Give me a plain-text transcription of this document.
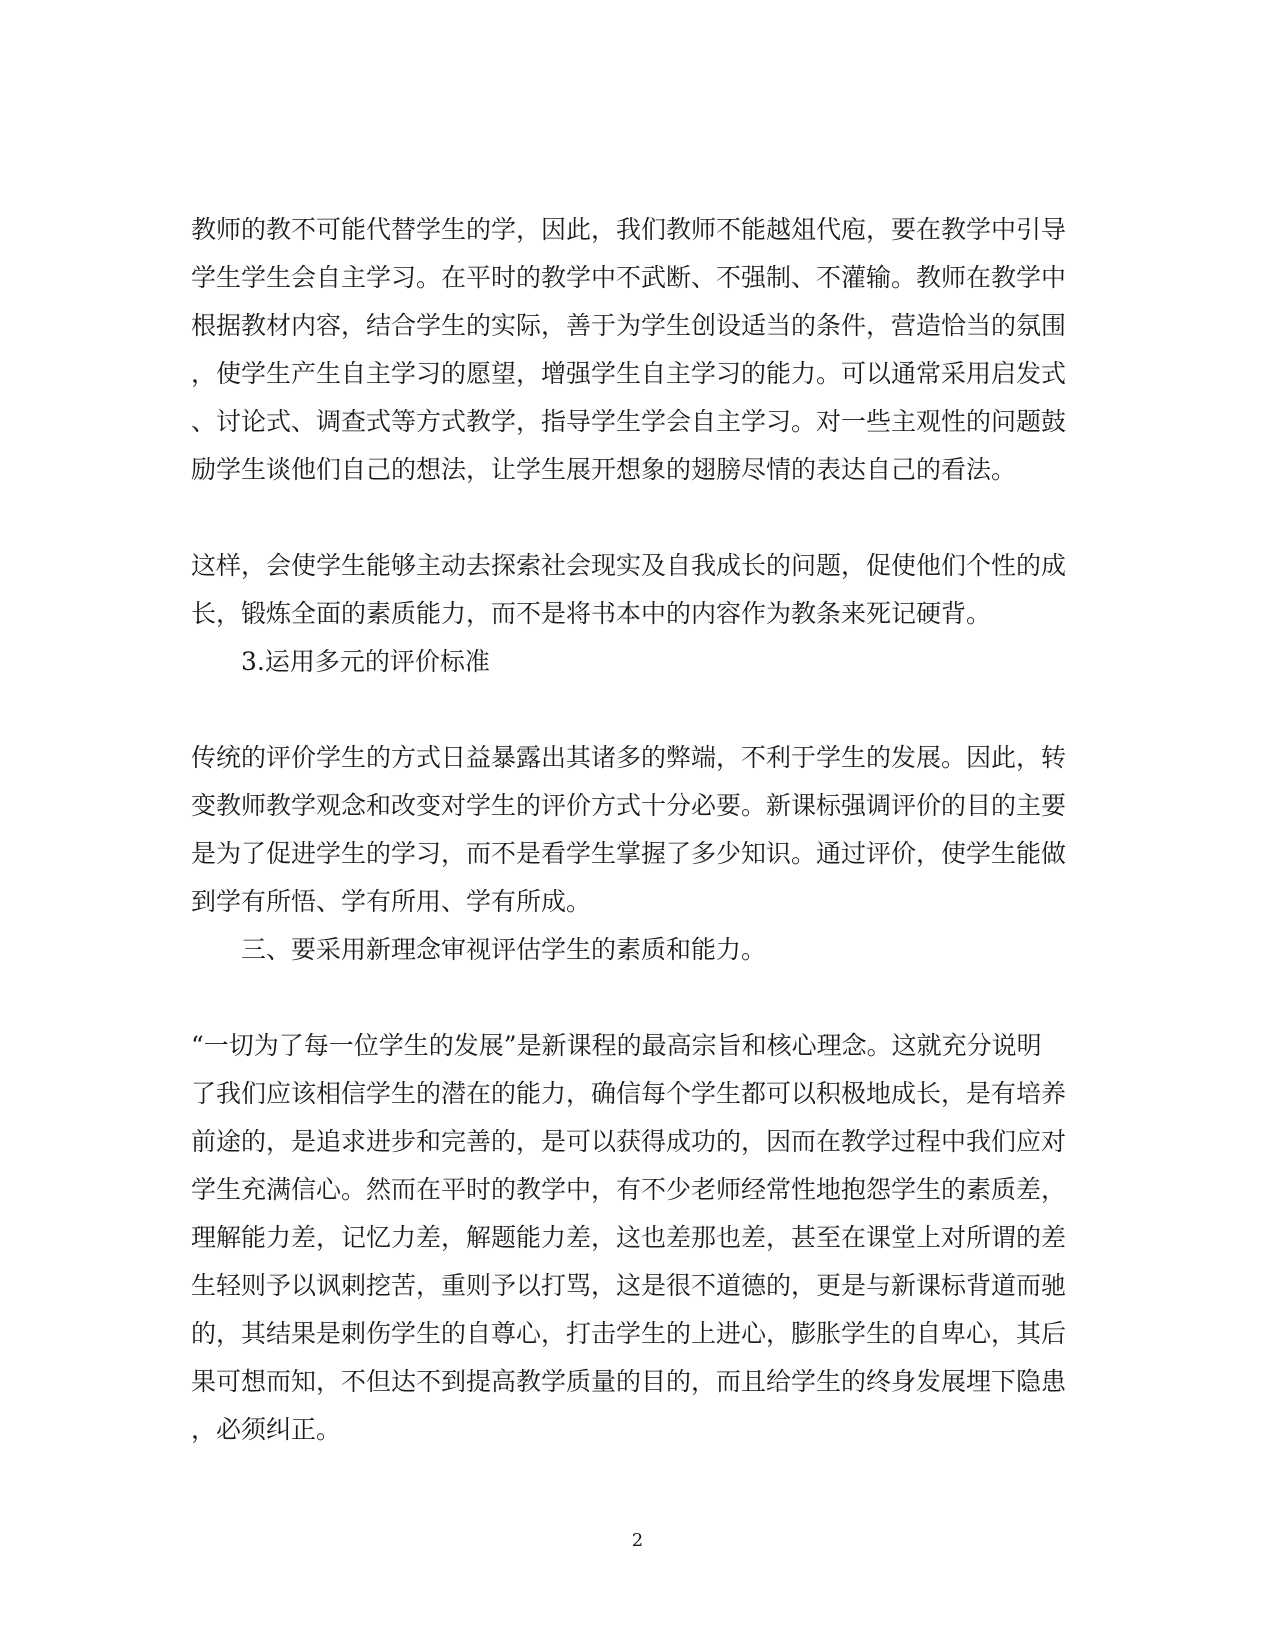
教师的教不可能代替学生的学，因此，我们教师不能越俎代庖，要在教学中引导
学生学生会自主学习。在平时的教学中不武断、不强制、不灌输。教师在教学中
根据教材内容，结合学生的实际，善于为学生创设适当的条件，营造恰当的氛围
，使学生产生自主学习的愿望，增强学生自主学习的能力。可以通常采用启发式
、讨论式、调查式等方式教学，指导学生学会自主学习。对一些主观性的问题鼓
励学生谈他们自己的想法，让学生展开想象的翅膀尽情的表达自己的看法。
这样，会使学生能够主动去探索社会现实及自我成长的问题，促使他们个性的成
长，锻炼全面的素质能力，而不是将书本中的内容作为教条来死记硬背。
3.运用多元的评价标准
传统的评价学生的方式日益暴露出其诸多的弊端，不利于学生的发展。因此，转
变教师教学观念和改变对学生的评价方式十分必要。新课标强调评价的目的主要
是为了促进学生的学习，而不是看学生掌握了多少知识。通过评价，使学生能做
到学有所悟、学有所用、学有所成。
三、要采用新理念审视评估学生的素质和能力。
“一切为了每一位学生的发展”是新课程的最高宗旨和核心理念。这就充分说明
了我们应该相信学生的潜在的能力，确信每个学生都可以积极地成长，是有培养
前途的，是追求进步和完善的，是可以获得成功的，因而在教学过程中我们应对
学生充满信心。然而在平时的教学中，有不少老师经常性地抱怨学生的素质差，
理解能力差，记忆力差，解题能力差，这也差那也差，甚至在课堂上对所谓的差
生轻则予以讽刺挖苦，重则予以打骂，这是很不道德的，更是与新课标背道而驰
的，其结果是刺伤学生的自尊心，打击学生的上进心，膨胀学生的自卑心，其后
果可想而知，不但达不到提高教学质量的目的，而且给学生的终身发展埋下隐患
，必须纠正。
2
